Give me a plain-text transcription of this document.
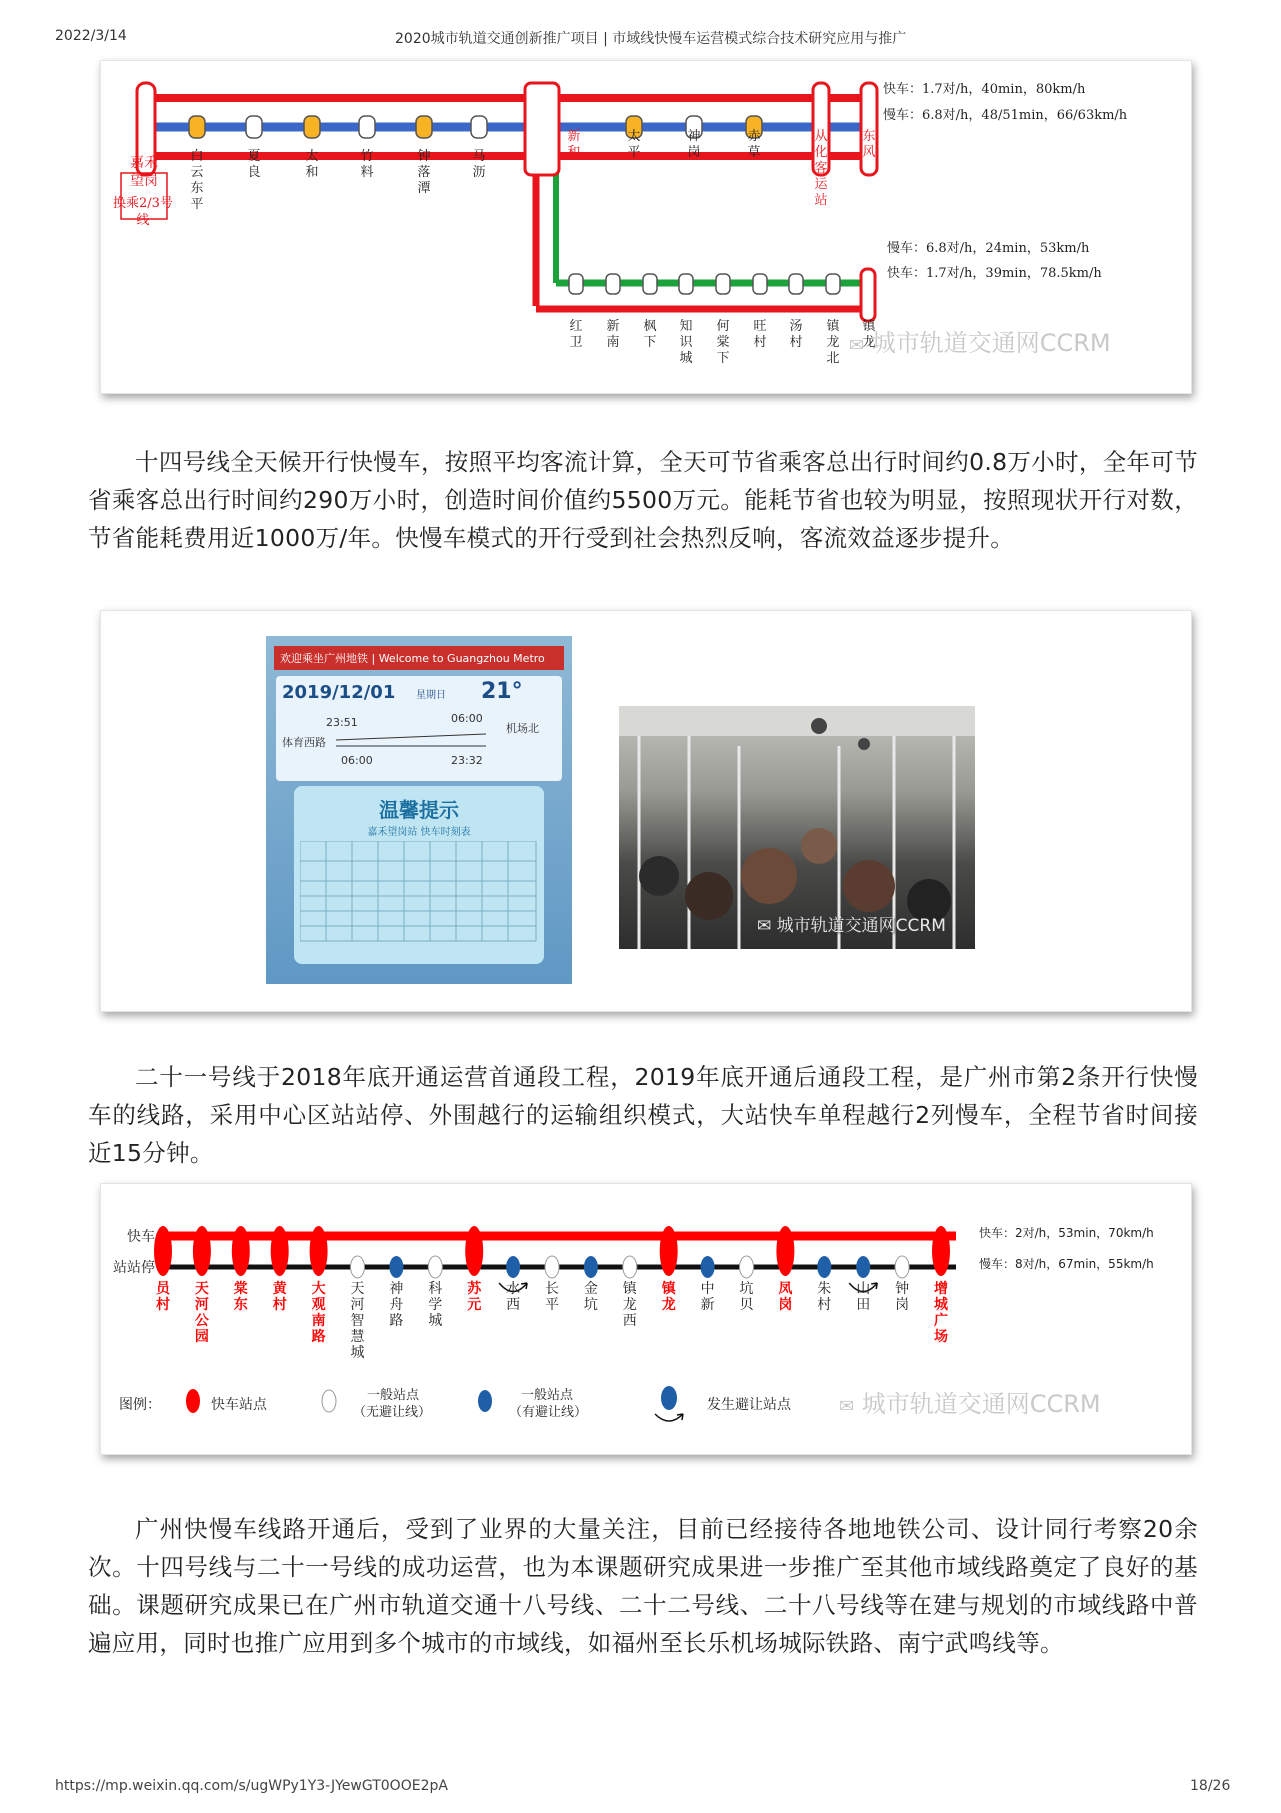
2022/3/14	2020城市轨道交通创新推广项目 | 市域线快慢车运营模式综合技术研究应用与推广
https://mp.weixin.qq.com/s/ugWPy1Y3-JYewGT0OOE2pA	18/26
快车：1.7对/h，40min，80km/h
慢车：6.8对/h，48/51min，66/63km/h
慢车：6.8对/h，24min，53km/h
快车：1.7对/h，39min，78.5km/h
嘉禾望岗
换乘2/3号线
白云东平
夏良
太和
竹料
钟落潭
马沥
新和
太平
神岗
赤草
从化客运站
东风
红卫
新南
枫下
知识城
何棠下
旺村
汤村
镇龙北
镇龙
✉ 城市轨道交通网CCRM
十四号线全天候开行快慢车，按照平均客流计算，全天可节省乘客总出行时间约0.8万小时，全年可节省乘客总出行时间约290万小时，创造时间价值约5500万元。能耗节省也较为明显，按照现状开行对数，节省能耗费用近1000万/年。快慢车模式的开行受到社会热烈反响，客流效益逐步提升。
欢迎乘坐广州地铁 | Welcome to Guangzhou Metro
2019/12/01 星期日 21°
23:51	06:00
体育西路
机场北
06:00	23:32
温馨提示
嘉禾望岗站 快车时刻表
✉ 城市轨道交通网CCRM
二十一号线于2018年底开通运营首通段工程，2019年底开通后通段工程，是广州市第2条开行快慢车的线路，采用中心区站站停、外围越行的运输组织模式，大站快车单程越行2列慢车，全程节省时间接近15分钟。
快车
站站停
快车：2对/h，53min，70km/h
慢车：8对/h，67min，55km/h
员村
天河公园
棠东
黄村
大观南路
天河智慧城
神舟路
科学城
苏元
水西
长平
金坑
镇龙西
镇龙
中新
坑贝
凤岗
朱村
山田
钟岗
增城广场
图例：	快车站点
一般站点
（无避让线）
一般站点
（有避让线）	发生避让站点	✉ 城市轨道交通网CCRM
广州快慢车线路开通后，受到了业界的大量关注，目前已经接待各地地铁公司、设计同行考察20余次。十四号线与二十一号线的成功运营，也为本课题研究成果进一步推广至其他市域线路奠定了良好的基础。课题研究成果已在广州市轨道交通十八号线、二十二号线、二十八号线等在建与规划的市域线路中普遍应用，同时也推广应用到多个城市的市域线，如福州至长乐机场城际铁路、南宁武鸣线等。
